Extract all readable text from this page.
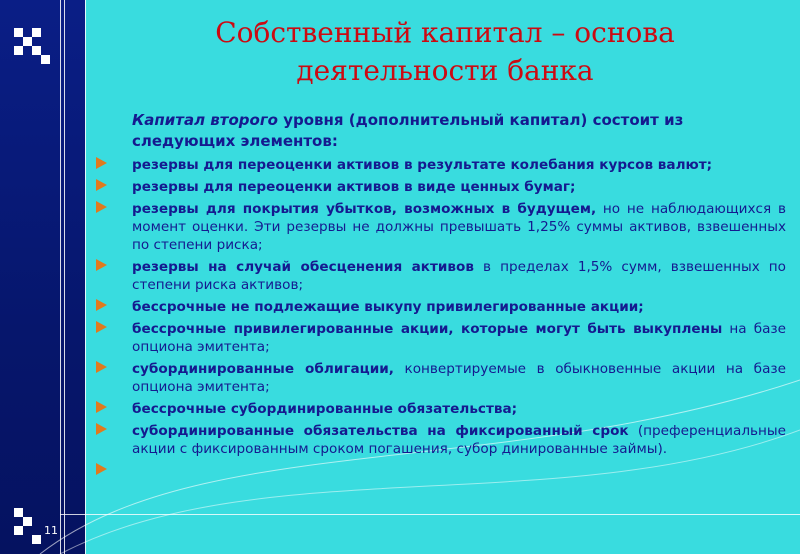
Собственный капитал – основа деятельности банка
Капитал второго уровня (дополнительный капитал) состоит из следующих элементов:
резервы для переоценки активов в результате колебания курсов валют;
резервы для переоценки активов в виде ценных бумаг;
резервы для покрытия убытков, возможных в будущем, но не наблюдающихся в момент оценки. Эти резервы не должны превышать 1,25% суммы активов, взвешенных по степени риска;
резервы на случай обесценения активов в пределах 1,5% сумм, взвешенных по степени риска активов;
бессрочные не подлежащие выкупу привилегированные акции;
бессрочные привилегированные акции, которые могут быть выкуплены на базе опциона эмитента;
субординированные облигации, конвертируемые в обыкновенные акции на базе опциона эмитента;
бессрочные субординированные обязательства;
субординированные обязательства на фиксированный срок (преференциальные акции с фиксированным сроком погашения, субор динированные займы).
11
